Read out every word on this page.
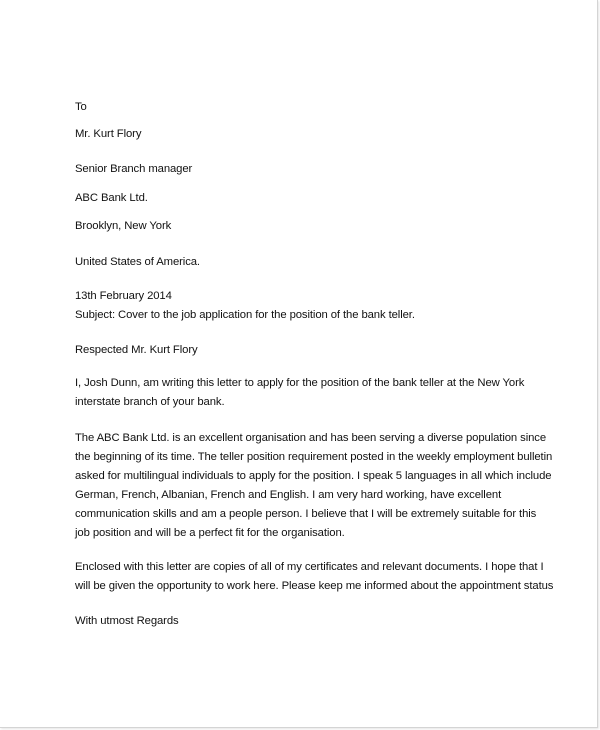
To
Mr. Kurt Flory
Senior Branch manager
ABC Bank Ltd.
Brooklyn, New York
United States of America.
13th February 2014
Subject: Cover to the job application for the position of the bank teller.
Respected Mr. Kurt Flory
I, Josh Dunn, am writing this letter to apply for the position of the bank teller at the New York
interstate branch of your bank.
The ABC Bank Ltd. is an excellent organisation and has been serving a diverse population since
the beginning of its time. The teller position requirement posted in the weekly employment bulletin
asked for multilingual individuals to apply for the position. I speak 5 languages in all which include
German, French, Albanian, French and English. I am very hard working, have excellent
communication skills and am a people person. I believe that I will be extremely suitable for this
job position and will be a perfect fit for the organisation.
Enclosed with this letter are copies of all of my certificates and relevant documents. I hope that I
will be given the opportunity to work here. Please keep me informed about the appointment status
With utmost Regards
